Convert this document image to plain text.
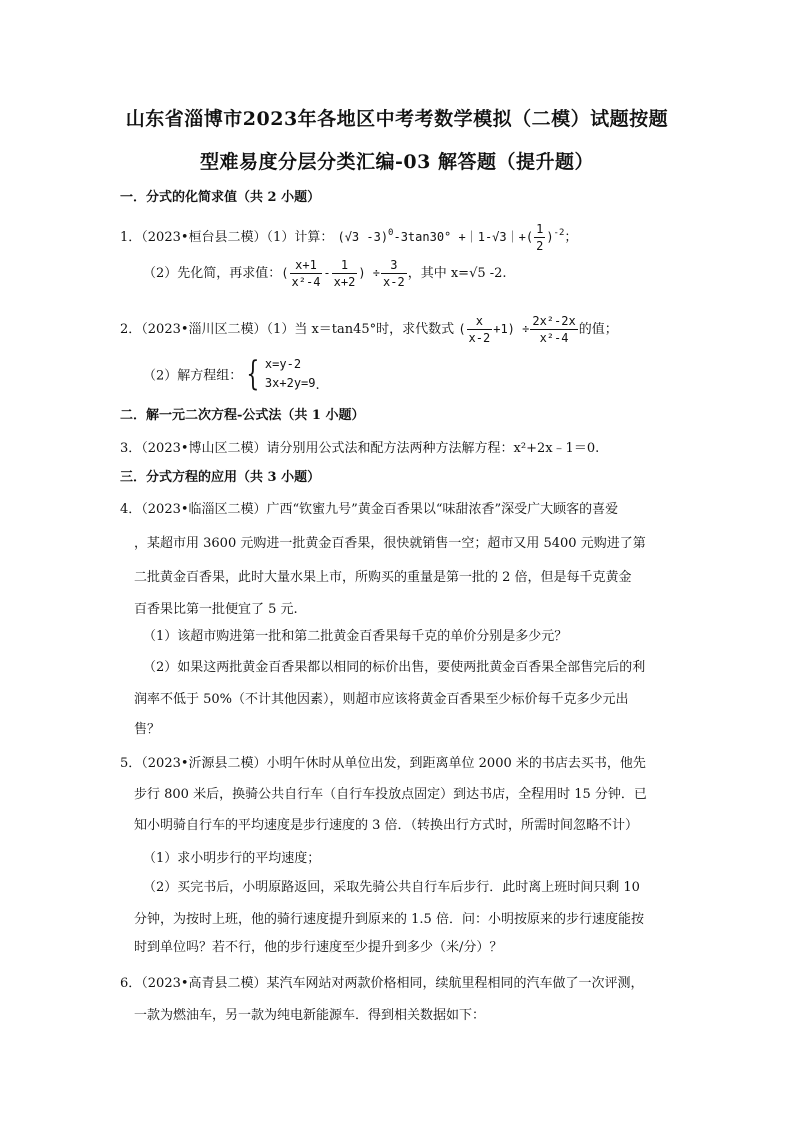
山东省淄博市2023年各地区中考考数学模拟（二模）试题按题
型难易度分层分类汇编-03 解答题（提升题）
一．分式的化简求值（共 2 小题）
1．（2023•桓台县二模）（1）计算： (√3 -3)$^0$-3tan30° +｜1-√3｜+( $\frac{1}{2} )^{-2}$；
（2）先化简，再求值：( $\frac{x+1}{\text{x²-4}} - \frac{1}{x+2}$ ) ÷ $\frac{3}{x-2}$ ，其中 x=√5 -2.
2．（2023•淄川区二模）（1）当 x＝tan45°时，求代数式 ( $\frac{x}{x-2} +1) \div \frac{\text{2x²-2x}}{\text{x²-4}}$ 的值；
（2）解方程组： { x=y-2
3x+2y=9 .
二．解一元二次方程-公式法（共 1 小题）
3．（2023•博山区二模）请分别用公式法和配方法两种方法解方程：x²+2x﹣1＝0.
三．分式方程的应用（共 3 小题）
4．（2023•临淄区二模）广西“钦蜜九号”黄金百香果以“味甜浓香”深受广大顾客的喜爱
，某超市用 3600 元购进一批黄金百香果，很快就销售一空；超市又用 5400 元购进了第
二批黄金百香果，此时大量水果上市，所购买的重量是第一批的 2 倍，但是每千克黄金
百香果比第一批便宜了 5 元.
（1）该超市购进第一批和第二批黄金百香果每千克的单价分别是多少元？
（2）如果这两批黄金百香果都以相同的标价出售，要使两批黄金百香果全部售完后的利
润率不低于 50%（不计其他因素），则超市应该将黄金百香果至少标价每千克多少元出
售？
5．（2023•沂源县二模）小明午休时从单位出发，到距离单位 2000 米的书店去买书，他先
步行 800 米后，换骑公共自行车（自行车投放点固定）到达书店，全程用时 15 分钟．已
知小明骑自行车的平均速度是步行速度的 3 倍．（转换出行方式时，所需时间忽略不计）
（1）求小明步行的平均速度；
（2）买完书后，小明原路返回，采取先骑公共自行车后步行．此时离上班时间只剩 10
分钟，为按时上班，他的骑行速度提升到原来的 1.5 倍．问：小明按原来的步行速度能按
时到单位吗？若不行，他的步行速度至少提升到多少（米/分）？
6．（2023•高青县二模）某汽车网站对两款价格相同，续航里程相同的汽车做了一次评测，
一款为燃油车，另一款为纯电新能源车．得到相关数据如下：
